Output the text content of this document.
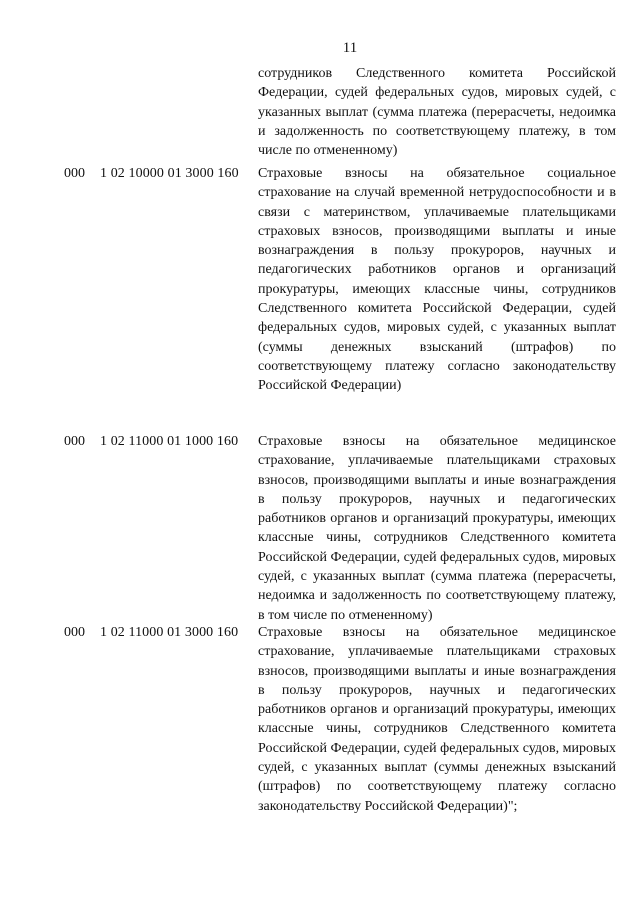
11
сотрудников Следственного комитета Российской Федерации, судей федеральных судов, мировых судей, с указанных выплат (сумма платежа (перерасчеты, недоимка и задолженность по соответствующему платежу, в том числе по отмененному)
000 1 02 10000 01 3000 160 Страховые взносы на обязательное социальное страхование на случай временной нетрудоспособности и в связи с материнством, уплачиваемые плательщиками страховых взносов, производящими выплаты и иные вознаграждения в пользу прокуроров, научных и педагогических работников органов и организаций прокуратуры, имеющих классные чины, сотрудников Следственного комитета Российской Федерации, судей федеральных судов, мировых судей, с указанных выплат (суммы денежных взысканий (штрафов) по соответствующему платежу согласно законодательству Российской Федерации)
000 1 02 11000 01 1000 160 Страховые взносы на обязательное медицинское страхование, уплачиваемые плательщиками страховых взносов, производящими выплаты и иные вознаграждения в пользу прокуроров, научных и педагогических работников органов и организаций прокуратуры, имеющих классные чины, сотрудников Следственного комитета Российской Федерации, судей федеральных судов, мировых судей, с указанных выплат (сумма платежа (перерасчеты, недоимка и задолженность по соответствующему платежу, в том числе по отмененному)
000 1 02 11000 01 3000 160 Страховые взносы на обязательное медицинское страхование, уплачиваемые плательщиками страховых взносов, производящими выплаты и иные вознаграждения в пользу прокуроров, научных и педагогических работников органов и организаций прокуратуры, имеющих классные чины, сотрудников Следственного комитета Российской Федерации, судей федеральных судов, мировых судей, с указанных выплат (суммы денежных взысканий (штрафов) по соответствующему платежу согласно законодательству Российской Федерации)";
